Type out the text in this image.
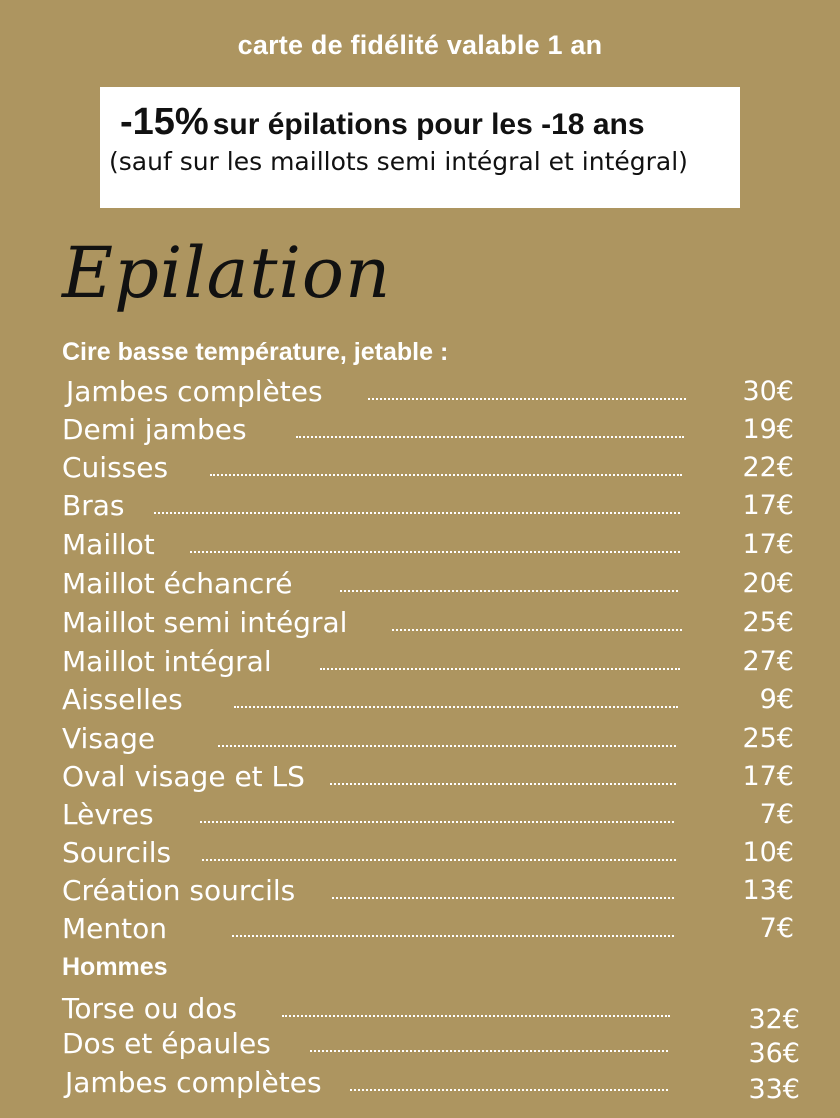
carte de fidélité valable 1 an
-15% sur épilations pour les -18 ans
(sauf sur les maillots semi intégral et intégral)
Epilation
Cire basse température, jetable :
Jambes complètes	30€
Demi jambes	19€
Cuisses	22€
Bras	17€
Maillot	17€
Maillot échancré	20€
Maillot semi intégral	25€
Maillot intégral	27€
Aisselles	9€
Visage	25€
Oval visage et LS	17€
Lèvres	7€
Sourcils	10€
Création sourcils	13€
Menton	7€
Hommes
Torse ou dos	32€
Dos et épaules	36€
Jambes complètes	33€
